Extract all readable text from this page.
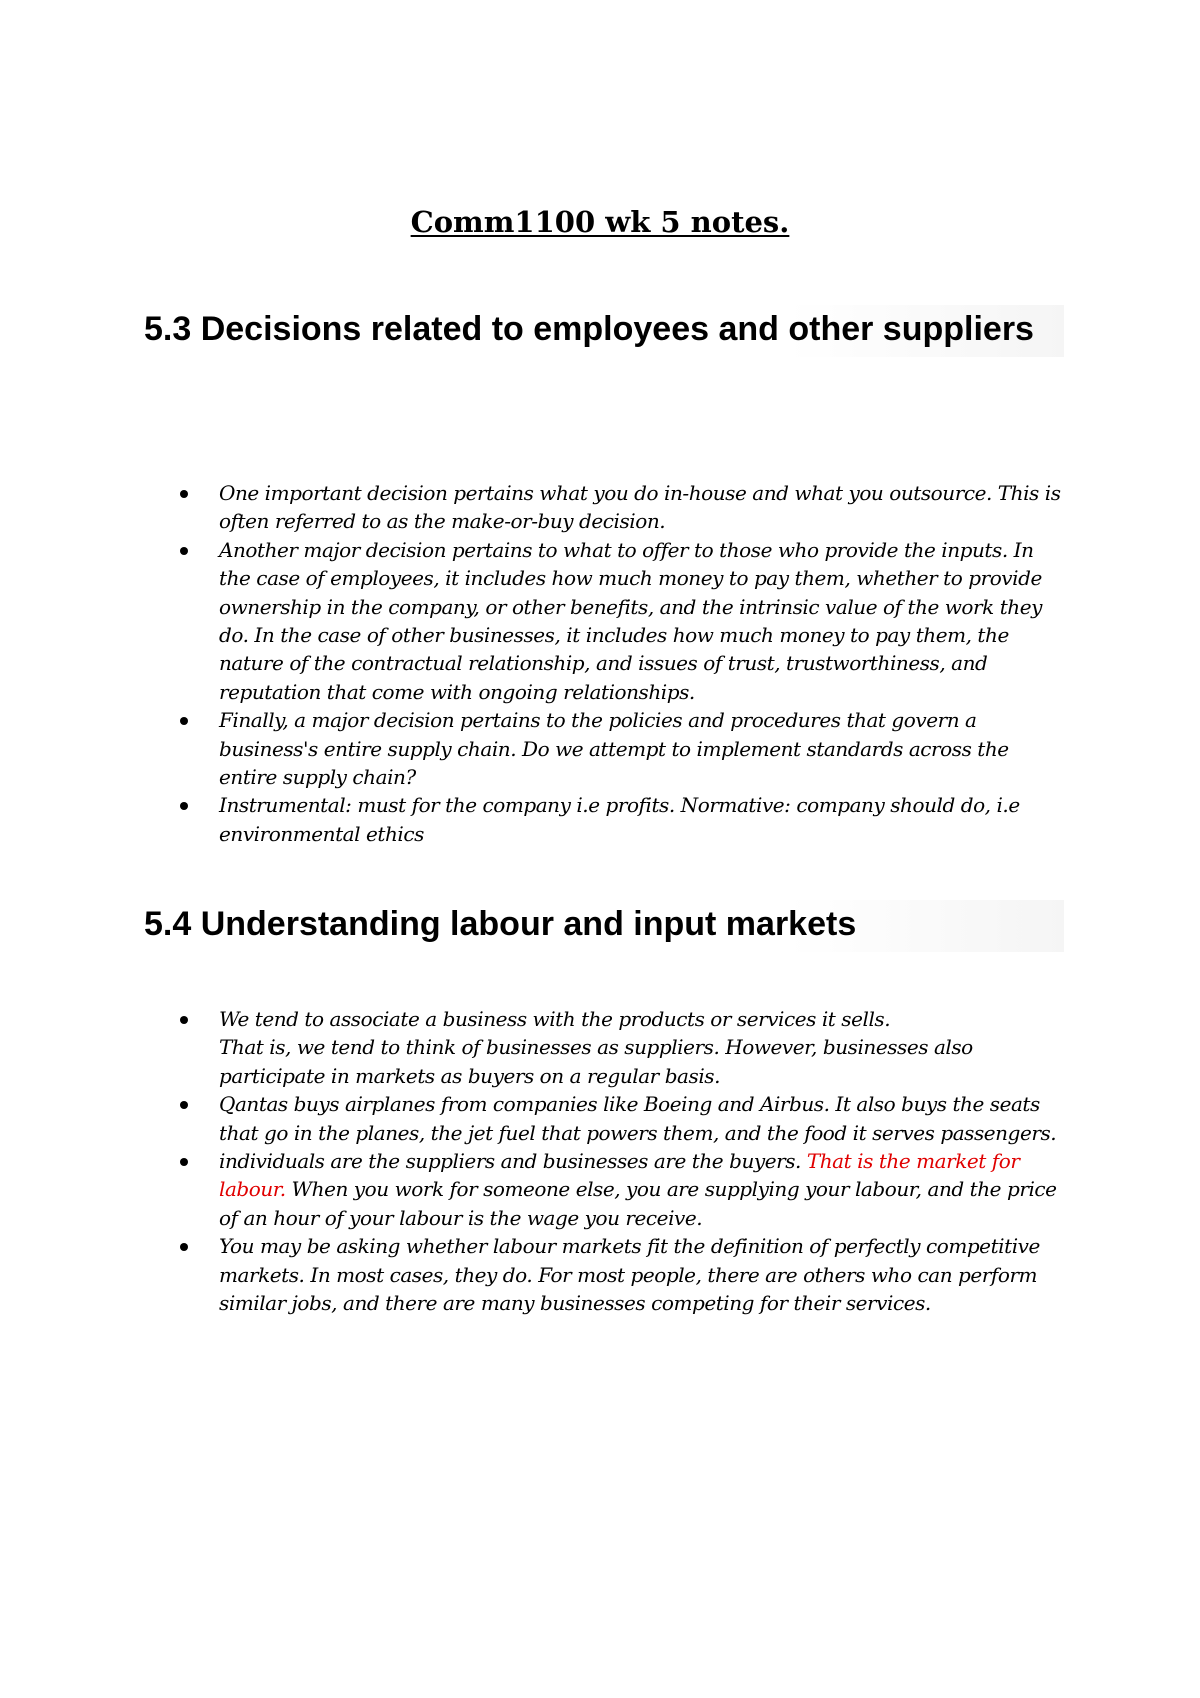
Comm1100 wk 5 notes.
5.3 Decisions related to employees and other suppliers
One important decision pertains what you do in-house and what you outsource. This is often referred to as the make-or-buy decision.
Another major decision pertains to what to offer to those who provide the inputs. In the case of employees, it includes how much money to pay them, whether to provide ownership in the company, or other benefits, and the intrinsic value of the work they do. In the case of other businesses, it includes how much money to pay them, the nature of the contractual relationship, and issues of trust, trustworthiness, and reputation that come with ongoing relationships.
Finally, a major decision pertains to the policies and procedures that govern a business's entire supply chain. Do we attempt to implement standards across the entire supply chain?
Instrumental: must for the company i.e profits. Normative: company should do, i.e environmental ethics
5.4 Understanding labour and input markets
We tend to associate a business with the products or services it sells.
That is, we tend to think of businesses as suppliers. However, businesses also participate in markets as buyers on a regular basis.
Qantas buys airplanes from companies like Boeing and Airbus. It also buys the seats that go in the planes, the jet fuel that powers them, and the food it serves passengers.
individuals are the suppliers and businesses are the buyers. That is the market for labour. When you work for someone else, you are supplying your labour, and the price of an hour of your labour is the wage you receive.
You may be asking whether labour markets fit the definition of perfectly competitive markets. In most cases, they do. For most people, there are others who can perform similar jobs, and there are many businesses competing for their services.
